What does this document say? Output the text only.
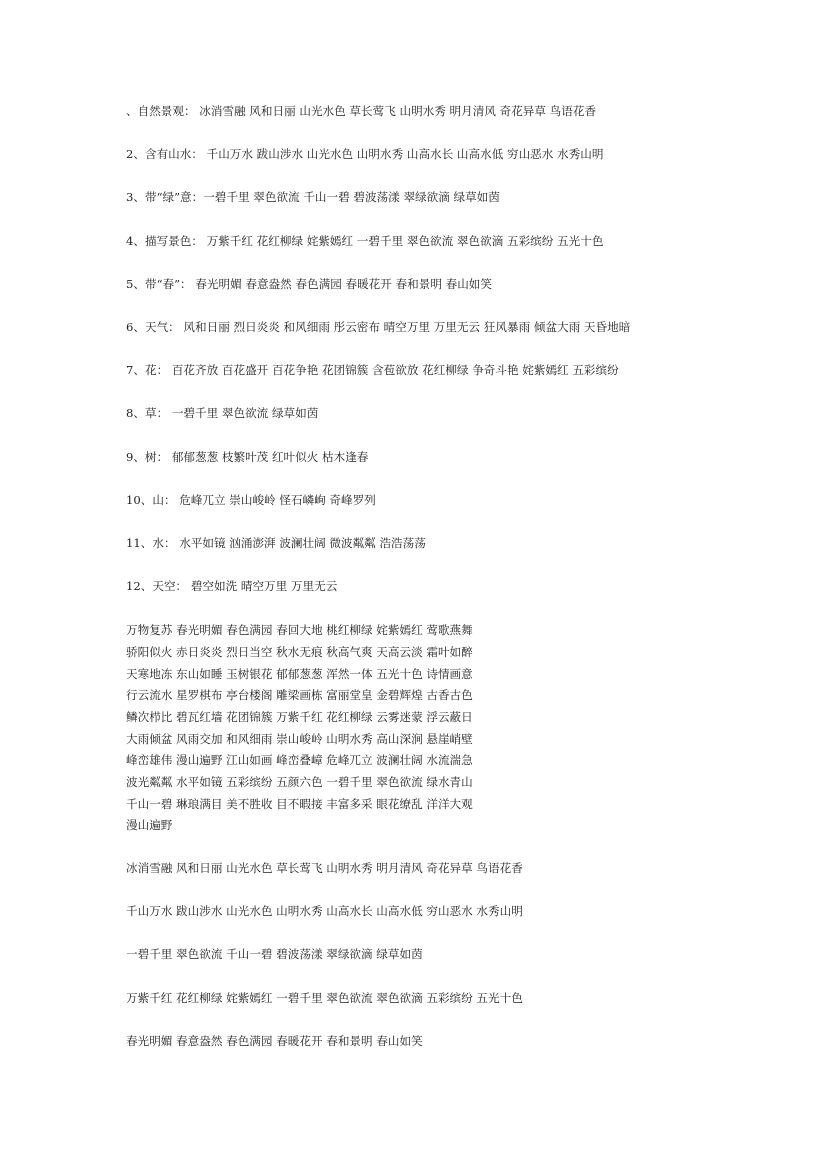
、自然景观： 冰消雪融 风和日丽 山光水色 草长莺飞 山明水秀 明月清风 奇花异草 鸟语花香
2、含有山水： 千山万水 跋山涉水 山光水色 山明水秀 山高水长 山高水低 穷山恶水 水秀山明
3、带“绿”意：一碧千里 翠色欲流 千山一碧 碧波荡漾 翠绿欲滴 绿草如茵
4、描写景色： 万紫千红 花红柳绿 姹紫嫣红 一碧千里 翠色欲流 翠色欲滴 五彩缤纷 五光十色
5、带“春”： 春光明媚 春意盎然 春色满园 春暖花开 春和景明 春山如笑
6、天气： 风和日丽 烈日炎炎 和风细雨 彤云密布 晴空万里 万里无云 狂风暴雨 倾盆大雨 天昏地暗
7、花： 百花齐放 百花盛开 百花争艳 花团锦簇 含苞欲放 花红柳绿 争奇斗艳 姹紫嫣红 五彩缤纷
8、草： 一碧千里 翠色欲流 绿草如茵
9、树： 郁郁葱葱 枝繁叶茂 红叶似火 枯木逢春
10、山： 危峰兀立 崇山峻岭 怪石嶙峋 奇峰罗列
11、水： 水平如镜 汹涌澎湃 波澜壮阔 微波粼粼 浩浩荡荡
12、天空： 碧空如洗 晴空万里 万里无云
万物复苏 春光明媚 春色满园 春回大地 桃红柳绿 姹紫嫣红 莺歌燕舞
骄阳似火 赤日炎炎 烈日当空 秋水无痕 秋高气爽 天高云淡 霜叶如醉
天寒地冻 东山如睡 玉树银花 郁郁葱葱 浑然一体 五光十色 诗情画意
行云流水 星罗棋布 亭台楼阁 雕梁画栋 富丽堂皇 金碧辉煌 古香古色
鳞次栉比 碧瓦红墙 花团锦簇 万紫千红 花红柳绿 云雾迷蒙 浮云蔽日
大雨倾盆 风雨交加 和风细雨 崇山峻岭 山明水秀 高山深涧 悬崖峭壁
峰峦雄伟 漫山遍野 江山如画 峰峦叠嶂 危峰兀立 波澜壮阔 水流湍急
波光粼粼 水平如镜 五彩缤纷 五颜六色 一碧千里 翠色欲流 绿水青山
千山一碧 琳琅满目 美不胜收 目不暇接 丰富多采 眼花缭乱 洋洋大观
漫山遍野
冰消雪融 风和日丽 山光水色 草长莺飞 山明水秀 明月清风 奇花异草 鸟语花香
千山万水 跋山涉水 山光水色 山明水秀 山高水长 山高水低 穷山恶水 水秀山明
一碧千里 翠色欲流 千山一碧 碧波荡漾 翠绿欲滴 绿草如茵
万紫千红 花红柳绿 姹紫嫣红 一碧千里 翠色欲流 翠色欲滴 五彩缤纷 五光十色
春光明媚 春意盎然 春色满园 春暖花开 春和景明 春山如笑
